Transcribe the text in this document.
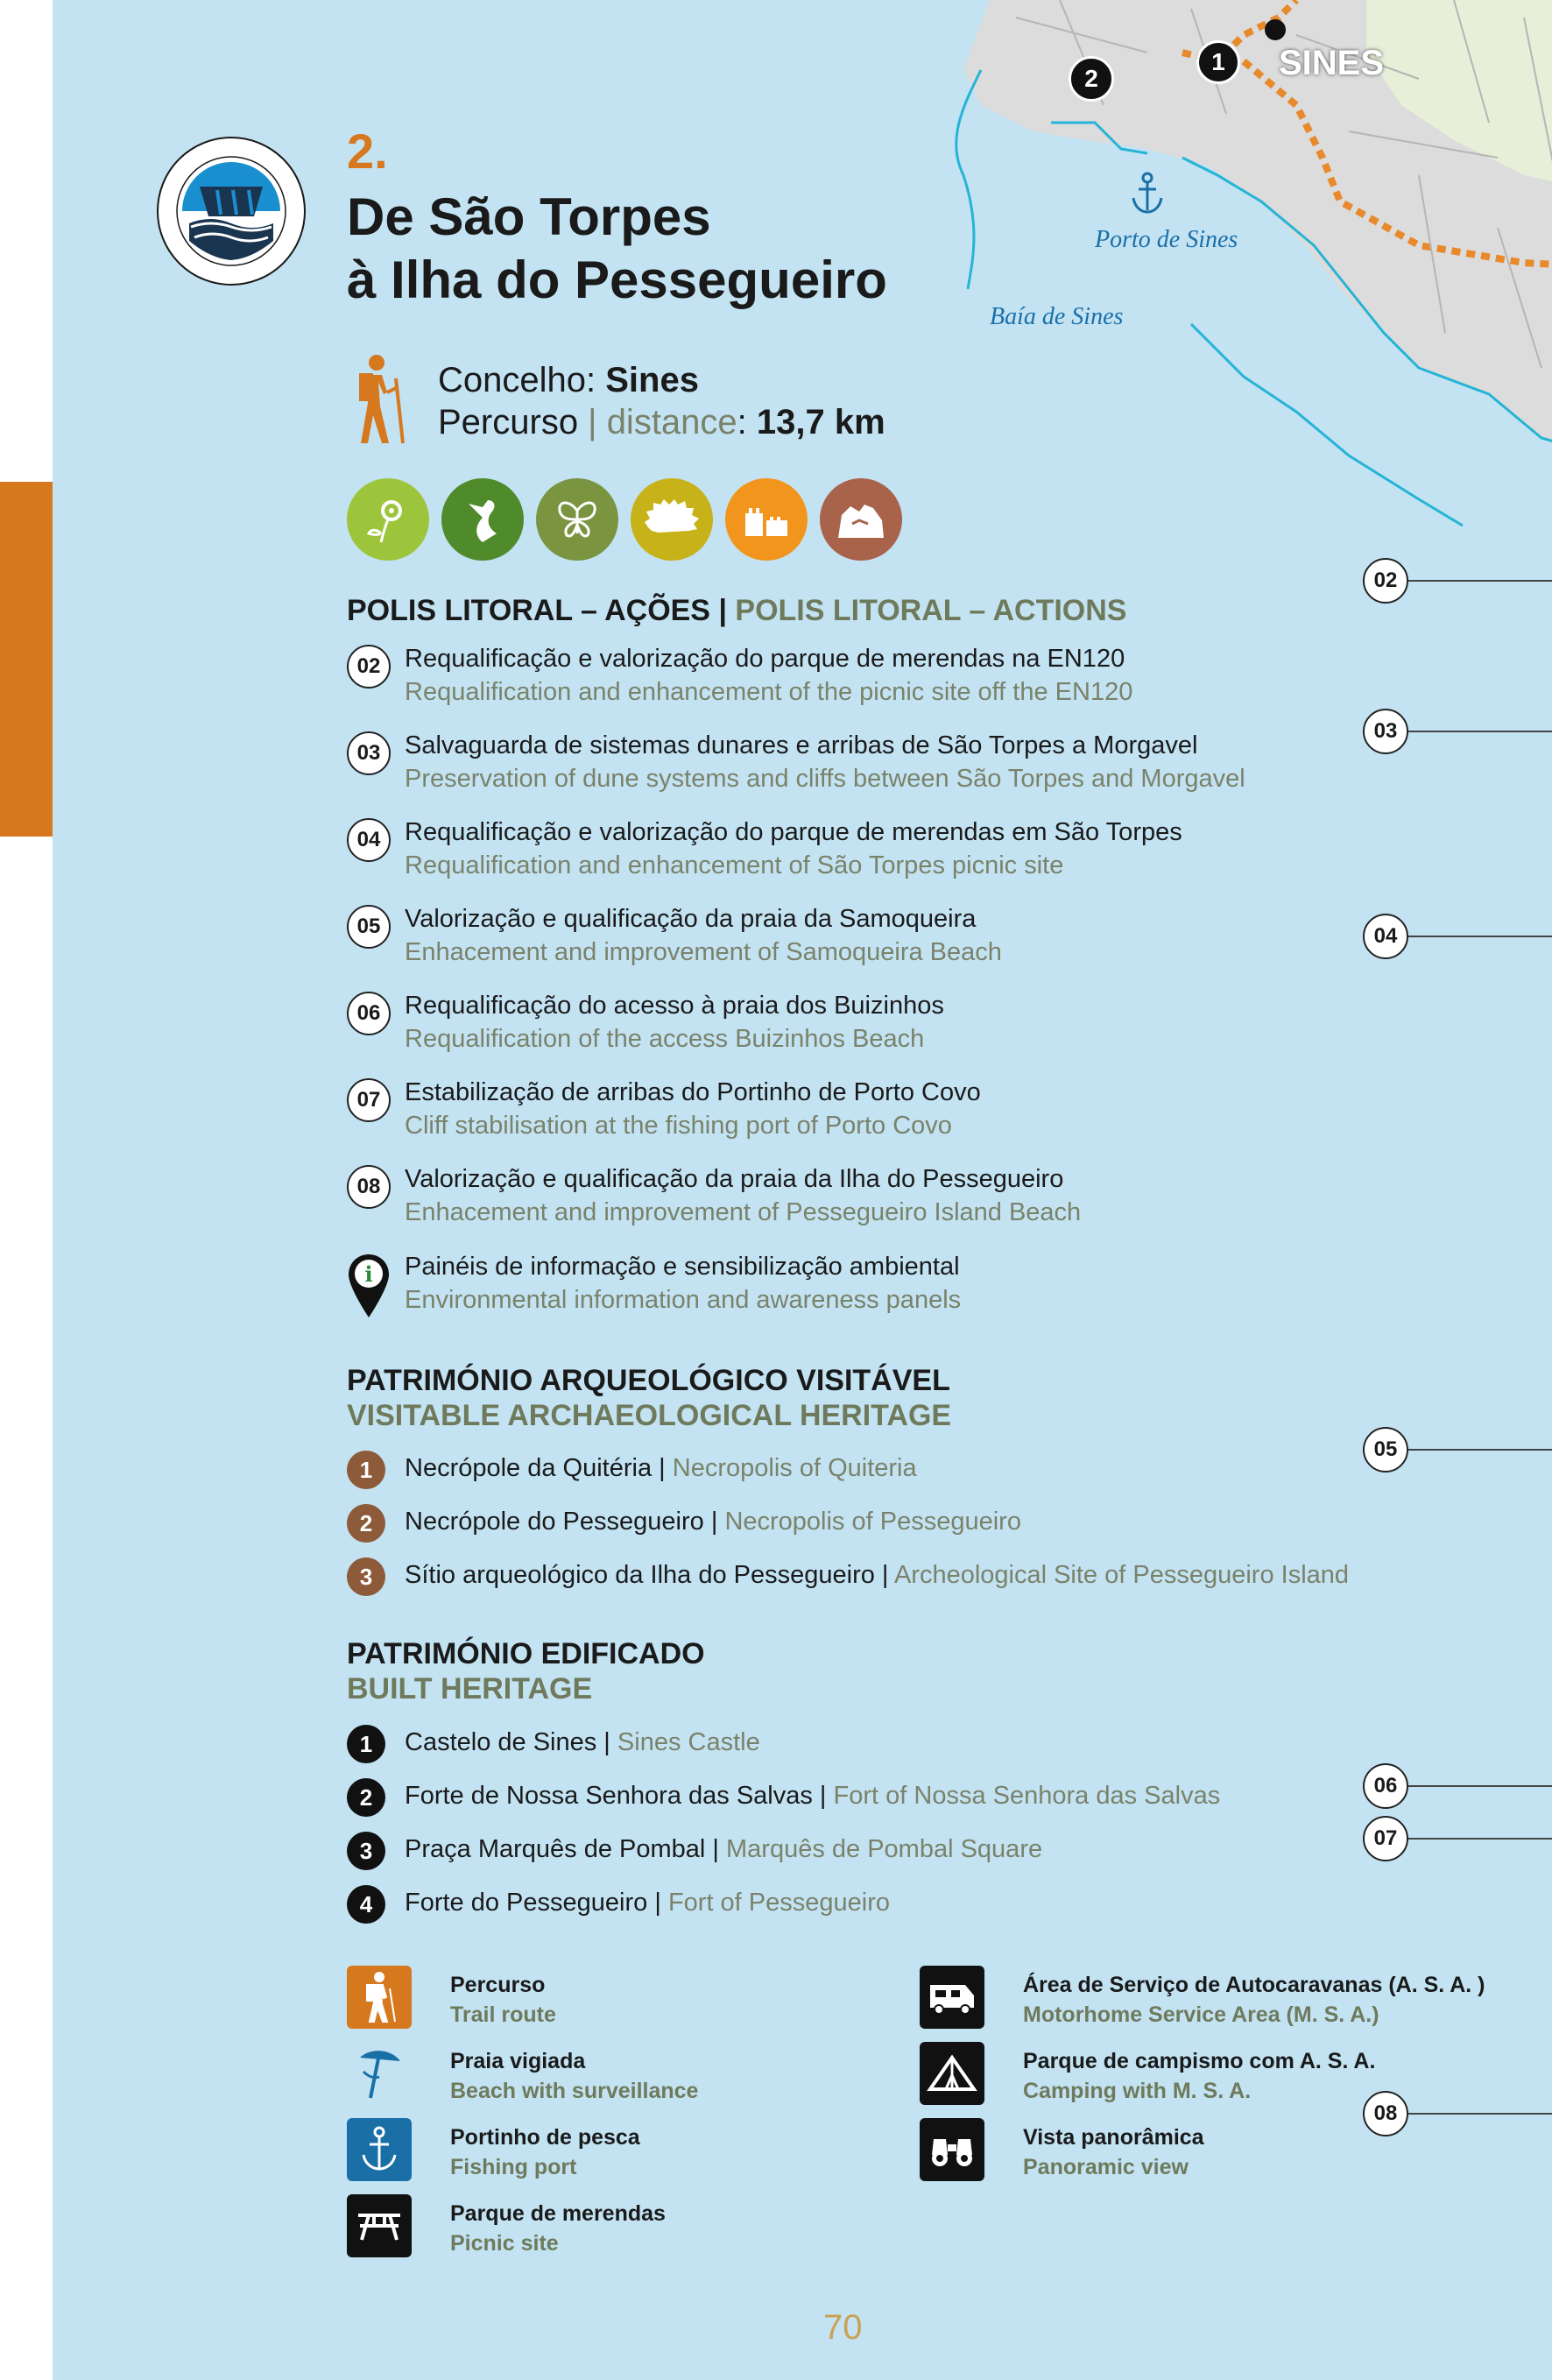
Porto de Sines
Baía de Sines
2
1	SINES
2.
De São Torpes
à Ilha do Pessegueiro
Concelho: Sines
Percurso | distance: 13,7 km
POLIS LITORAL – AÇÕES | POLIS LITORAL – ACTIONS
02 Requalificação e valorização do parque de merendas na EN120
Requalification and enhancement of the picnic site off the EN120
03 Salvaguarda de sistemas dunares e arribas de São Torpes a Morgavel
Preservation of dune systems and cliffs between São Torpes and Morgavel
04 Requalificação e valorização do parque de merendas em São Torpes
Requalification and enhancement of São Torpes picnic site
05 Valorização e qualificação da praia da Samoqueira
Enhacement and improvement of Samoqueira Beach
06 Requalificação do acesso à praia dos Buizinhos
Requalification of the access Buizinhos Beach
07 Estabilização de arribas do Portinho de Porto Covo
Cliff stabilisation at the fishing port of Porto Covo
08 Valorização e qualificação da praia da Ilha do Pessegueiro
Enhacement and improvement of Pessegueiro Island Beach
i Painéis de informação e sensibilização ambiental
Environmental information and awareness panels
PATRIMÓNIO ARQUEOLÓGICO VISITÁVEL
VISITABLE ARCHAEOLOGICAL HERITAGE
1	Necrópole da Quitéria | Necropolis of Quiteria
2	Necrópole do Pessegueiro | Necropolis of Pessegueiro
3	Sítio arqueológico da Ilha do Pessegueiro | Archeological Site of Pessegueiro Island
PATRIMÓNIO EDIFICADO
BUILT HERITAGE
1	Castelo de Sines | Sines Castle
2	Forte de Nossa Senhora das Salvas | Fort of Nossa Senhora das Salvas
3	Praça Marquês de Pombal | Marquês de Pombal Square
4	Forte do Pessegueiro | Fort of Pessegueiro
02
03
04
05
06
07
08
Percurso
Trail route
Praia vigiada
Beach with surveillance
Portinho de pesca
Fishing port
Parque de merendas
Picnic site
Área de Serviço de Autocaravanas (A. S. A. )
Motorhome Service Area (M. S. A.)
Parque de campismo com A. S. A.
Camping with M. S. A.
Vista panorâmica
Panoramic view
70
